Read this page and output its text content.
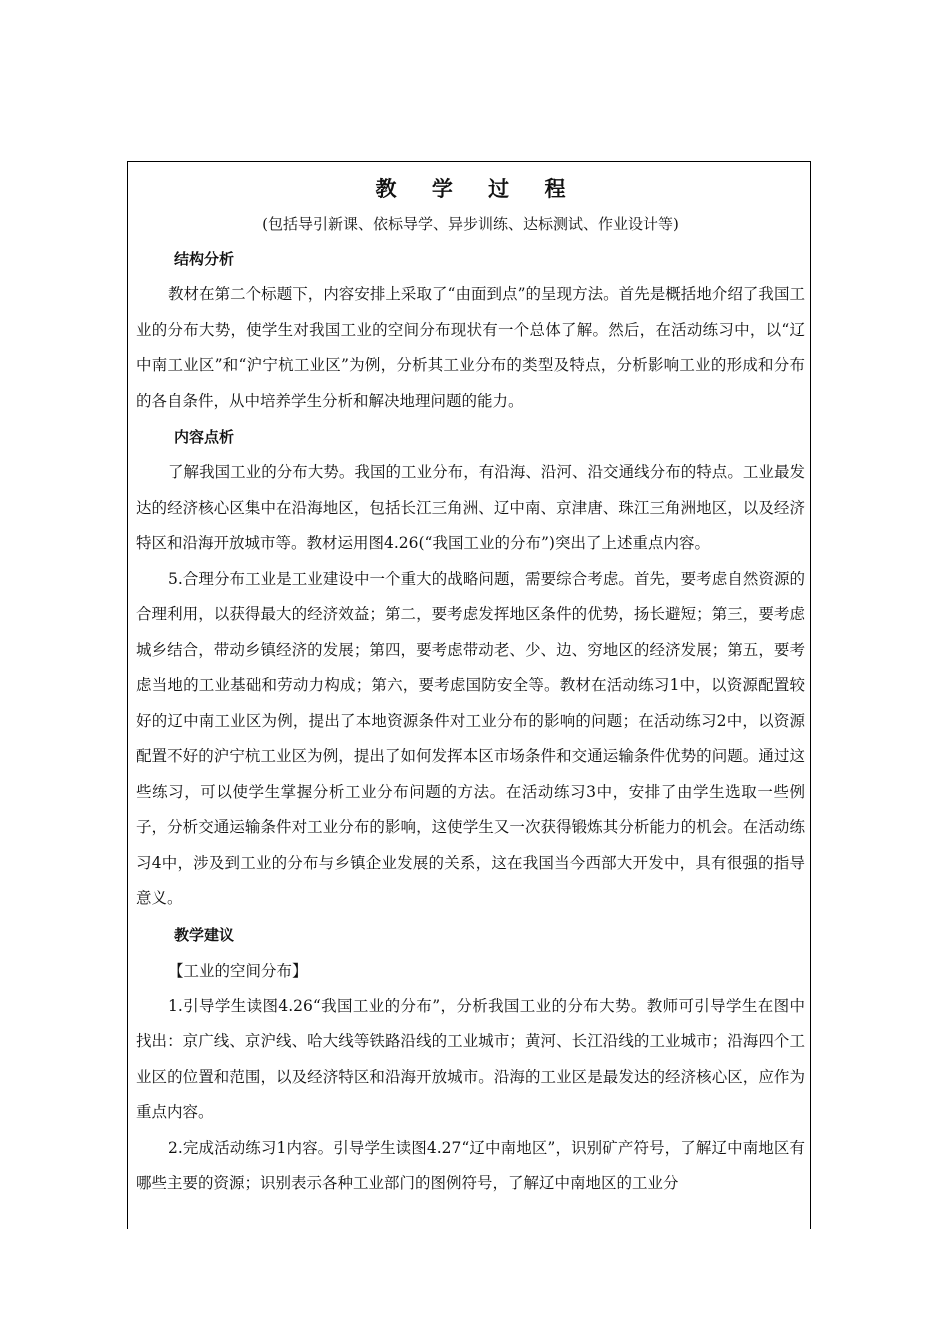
教 学 过 程
(包括导引新课、依标导学、异步训练、达标测试、作业设计等)
结构分析

教材在第二个标题下，内容安排上采取了“由面到点”的呈现方法。首先是概括地介绍了我国工业的分布大势，使学生对我国工业的空间分布现状有一个总体了解。然后，在活动练习中，以“辽中南工业区”和“沪宁杭工业区”为例，分析其工业分布的类型及特点，分析影响工业的形成和分布的各自条件，从中培养学生分析和解决地理问题的能力。

内容点析

了解我国工业的分布大势。我国的工业分布，有沿海、沿河、沿交通线分布的特点。工业最发达的经济核心区集中在沿海地区，包括长江三角洲、辽中南、京津唐、珠江三角洲地区，以及经济特区和沿海开放城市等。教材运用图4.26(“我国工业的分布”)突出了上述重点内容。

5.合理分布工业是工业建设中一个重大的战略问题，需要综合考虑。首先，要考虑自然资源的合理利用，以获得最大的经济效益；第二，要考虑发挥地区条件的优势，扬长避短；第三，要考虑城乡结合，带动乡镇经济的发展；第四，要考虑带动老、少、边、穷地区的经济发展；第五，要考虑当地的工业基础和劳动力构成；第六，要考虑国防安全等。教材在活动练习1中，以资源配置较好的辽中南工业区为例，提出了本地资源条件对工业分布的影响的问题；在活动练习2中，以资源配置不好的沪宁杭工业区为例，提出了如何发挥本区市场条件和交通运输条件优势的问题。通过这些练习，可以使学生掌握分析工业分布问题的方法。在活动练习3中，安排了由学生选取一些例子，分析交通运输条件对工业分布的影响，这使学生又一次获得锻炼其分析能力的机会。在活动练习4中，涉及到工业的分布与乡镇企业发展的关系，这在我国当今西部大开发中，具有很强的指导意义。

教学建议

【工业的空间分布】

1.引导学生读图4.26“我国工业的分布”，分析我国工业的分布大势。教师可引导学生在图中找出：京广线、京沪线、哈大线等铁路沿线的工业城市；黄河、长江沿线的工业城市；沿海四个工业区的位置和范围，以及经济特区和沿海开放城市。沿海的工业区是最发达的经济核心区，应作为重点内容。

2.完成活动练习1内容。引导学生读图4.27“辽中南地区”，识别矿产符号，了解辽中南地区有哪些主要的资源；识别表示各种工业部门的图例符号，了解辽中南地区的工业分
